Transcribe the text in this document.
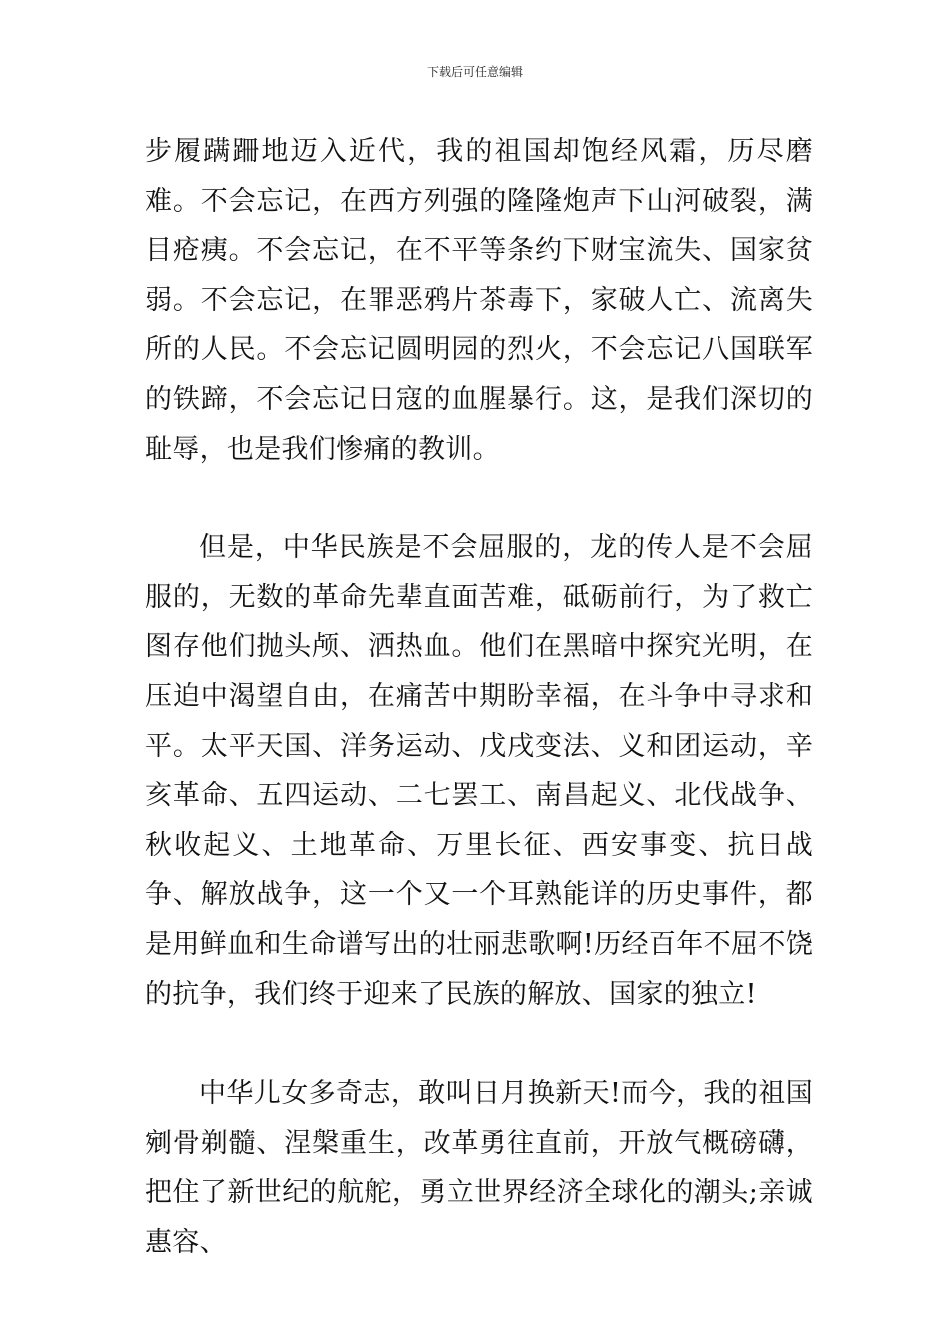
下载后可任意编辑

步履蹒跚地迈入近代，我的祖国却饱经风霜，历尽磨难。不会忘记，在西方列强的隆隆炮声下山河破裂，满目疮痍。不会忘记，在不平等条约下财宝流失、国家贫弱。不会忘记，在罪恶鸦片茶毒下，家破人亡、流离失所的人民。不会忘记圆明园的烈火，不会忘记八国联军的铁蹄，不会忘记日寇的血腥暴行。这，是我们深切的耻辱，也是我们惨痛的教训。

但是，中华民族是不会屈服的，龙的传人是不会屈服的，无数的革命先辈直面苦难，砥砺前行，为了救亡图存他们抛头颅、洒热血。他们在黑暗中探究光明，在压迫中渴望自由，在痛苦中期盼幸福，在斗争中寻求和平。太平天国、洋务运动、戊戌变法、义和团运动，辛亥革命、五四运动、二七罢工、南昌起义、北伐战争、秋收起义、土地革命、万里长征、西安事变、抗日战争、解放战争，这一个又一个耳熟能详的历史事件，都是用鲜血和生命谱写出的壮丽悲歌啊!历经百年不屈不饶的抗争，我们终于迎来了民族的解放、国家的独立!

中华儿女多奇志，敢叫日月换新天!而今，我的祖国剜骨剃髓、涅槃重生，改革勇往直前，开放气概磅礴，把住了新世纪的航舵，勇立世界经济全球化的潮头;亲诚惠容、
